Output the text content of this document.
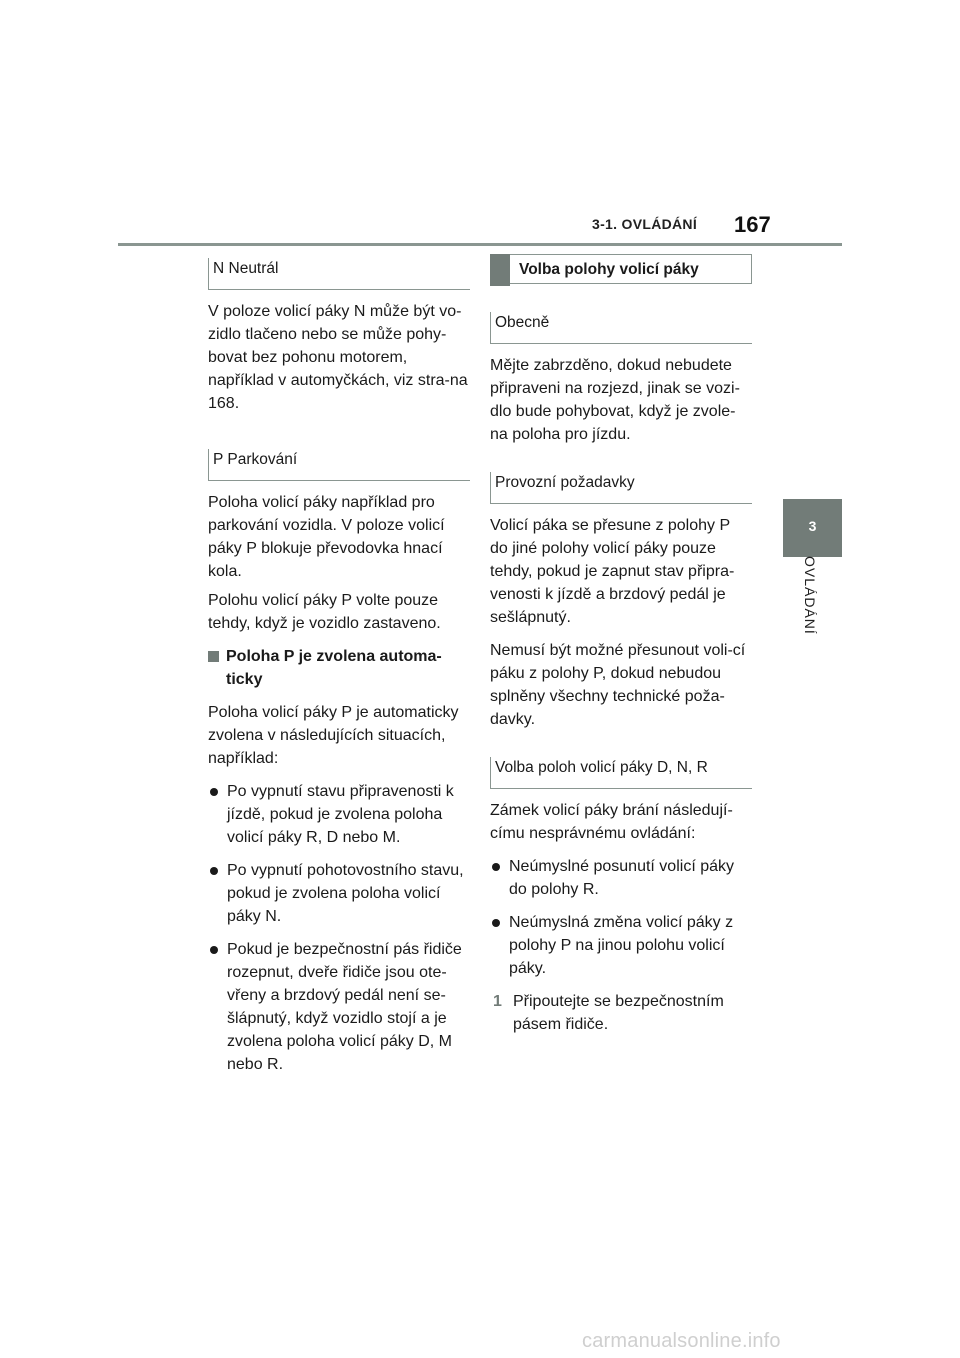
3-1. OVLÁDÁNÍ 167
3
OVLÁDÁNÍ
N Neutrál

V poloze volicí páky N může být vo-zidlo tlačeno nebo se může pohy-bovat bez pohonu motorem, například v automyčkách, viz stra-na 168.

P Parkování

Poloha volicí páky například pro parkování vozidla. V poloze volicí páky P blokuje převodovka hnací kola.

Polohu volicí páky P volte pouze tehdy, když je vozidlo zastaveno.

Poloha P je zvolena automa-ticky

Poloha volicí páky P je automaticky zvolena v následujících situacích, například:

Po vypnutí stavu připravenosti k jízdě, pokud je zvolena poloha volicí páky R, D nebo M.
Po vypnutí pohotovostního stavu, pokud je zvolena poloha volicí páky N.
Pokud je bezpečnostní pás řidiče rozepnut, dveře řidiče jsou ote-vřeny a brzdový pedál není se-šlápnutý, když vozidlo stojí a je zvolena poloha volicí páky D, M nebo R.
Volba polohy volicí páky
Obecně

Mějte zabrzděno, dokud nebudete připraveni na rozjezd, jinak se vozi-dlo bude pohybovat, když je zvole-na poloha pro jízdu.

Provozní požadavky

Volicí páka se přesune z polohy P do jiné polohy volicí páky pouze tehdy, pokud je zapnut stav připra-venosti k jízdě a brzdový pedál je sešlápnutý.

Nemusí být možné přesunout voli-cí páku z polohy P, dokud nebudou splněny všechny technické poža-davky.

Volba poloh volicí páky D, N, R

Zámek volicí páky brání následují-címu nesprávnému ovládání:

Neúmyslné posunutí volicí páky do polohy R.
Neúmyslná změna volicí páky z polohy P na jinou polohu volicí páky.
1 Připoutejte se bezpečnostním pásem řidiče.
carmanualsonline.info
